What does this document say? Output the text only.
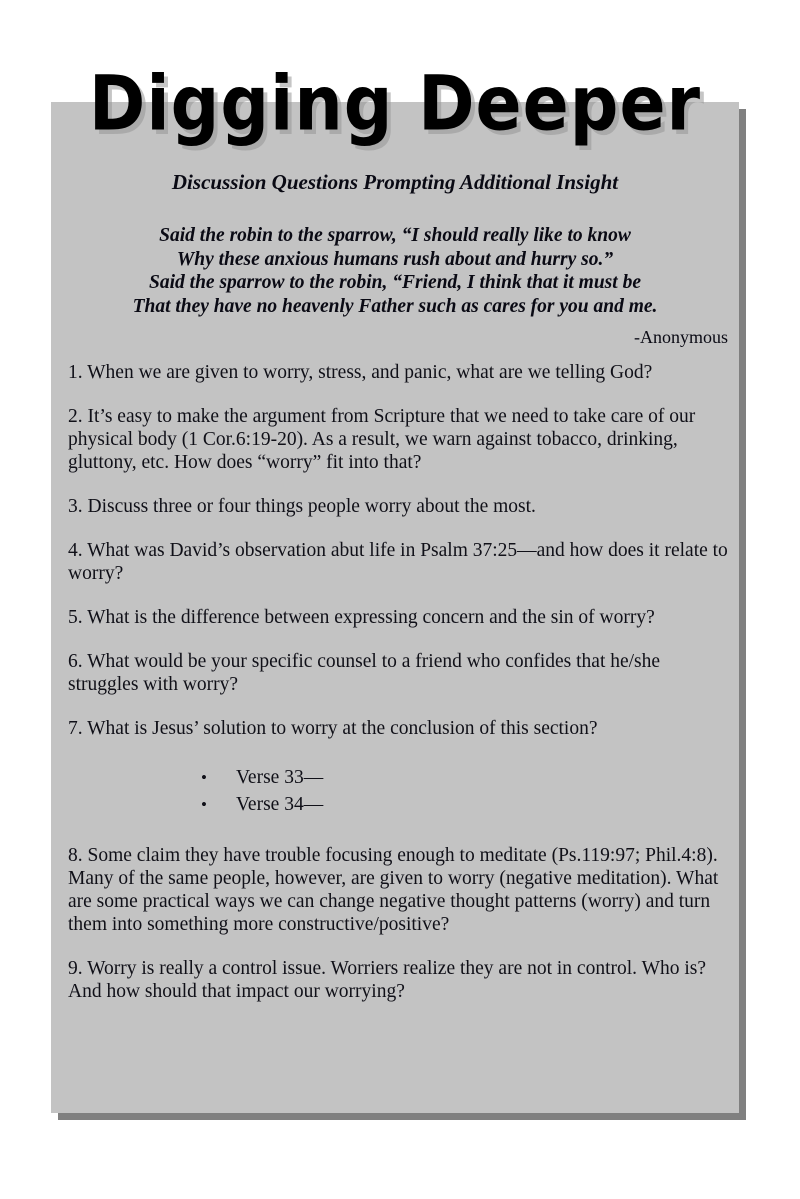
Digging Deeper
Discussion Questions Prompting Additional Insight
Said the robin to the sparrow, “I should really like to know
Why these anxious humans rush about and hurry so.”
Said the sparrow to the robin, “Friend, I think that it must be
That they have no heavenly Father such as cares for you and me.
-Anonymous
1. When we are given to worry, stress, and panic, what are we telling God?
2. It’s easy to make the argument from Scripture that we need to take care of our physical body (1 Cor.6:19-20). As a result, we warn against tobacco, drinking, gluttony, etc. How does “worry” fit into that?
3. Discuss three or four things people worry about the most.
4. What was David’s observation abut life in Psalm 37:25—and how does it relate to worry?
5. What is the difference between expressing concern and the sin of worry?
6. What would be your specific counsel to a friend who confides that he/she struggles with worry?
7. What is Jesus’ solution to worry at the conclusion of this section?
• Verse 33—
• Verse 34—
8. Some claim they have trouble focusing enough to meditate (Ps.119:97; Phil.4:8). Many of the same people, however, are given to worry (negative meditation). What are some practical ways we can change negative thought patterns (worry) and turn them into something more constructive/positive?
9. Worry is really a control issue. Worriers realize they are not in control. Who is? And how should that impact our worrying?
